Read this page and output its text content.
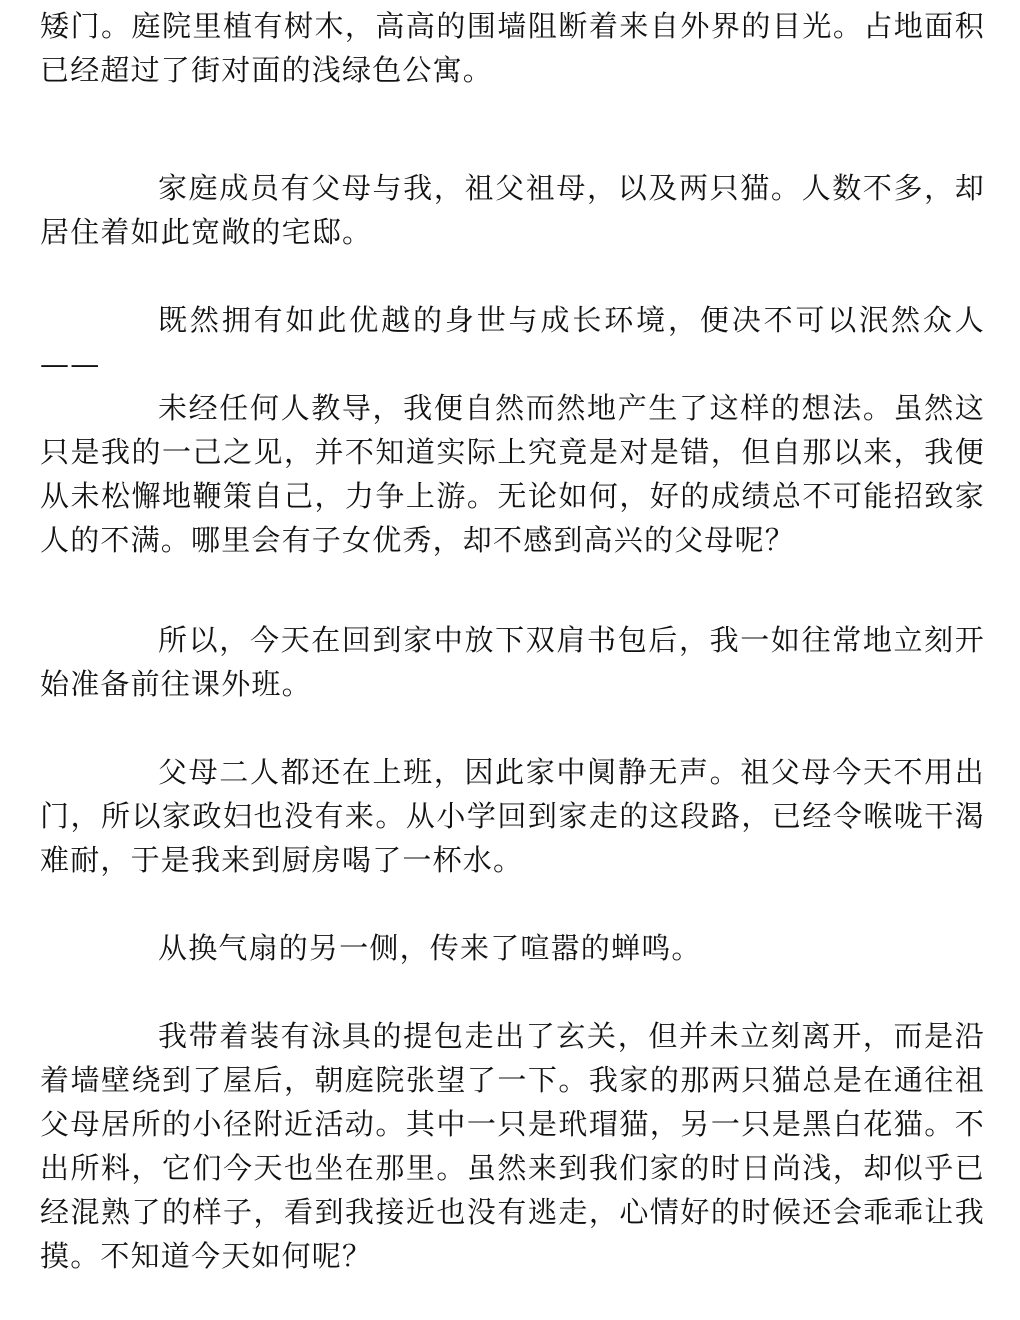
矮门。庭院里植有树木，高高的围墙阻断着来自外界的目光。占地面积已经超过了街对面的浅绿色公寓。

家庭成员有父母与我，祖父祖母，以及两只猫。人数不多，却居住着如此宽敞的宅邸。

既然拥有如此优越的身世与成长环境，便决不可以泯然众人——

未经任何人教导，我便自然而然地产生了这样的想法。虽然这只是我的一己之见，并不知道实际上究竟是对是错，但自那以来，我便从未松懈地鞭策自己，力争上游。无论如何，好的成绩总不可能招致家人的不满。哪里会有子女优秀，却不感到高兴的父母呢？

所以，今天在回到家中放下双肩书包后，我一如往常地立刻开始准备前往课外班。

父母二人都还在上班，因此家中阒静无声。祖父母今天不用出门，所以家政妇也没有来。从小学回到家走的这段路，已经令喉咙干渴难耐，于是我来到厨房喝了一杯水。

从换气扇的另一侧，传来了喧嚣的蝉鸣。

我带着装有泳具的提包走出了玄关，但并未立刻离开，而是沿着墙壁绕到了屋后，朝庭院张望了一下。我家的那两只猫总是在通往祖父母居所的小径附近活动。其中一只是玳瑁猫，另一只是黑白花猫。不出所料，它们今天也坐在那里。虽然来到我们家的时日尚浅，却似乎已经混熟了的样子，看到我接近也没有逃走，心情好的时候还会乖乖让我摸。不知道今天如何呢？
